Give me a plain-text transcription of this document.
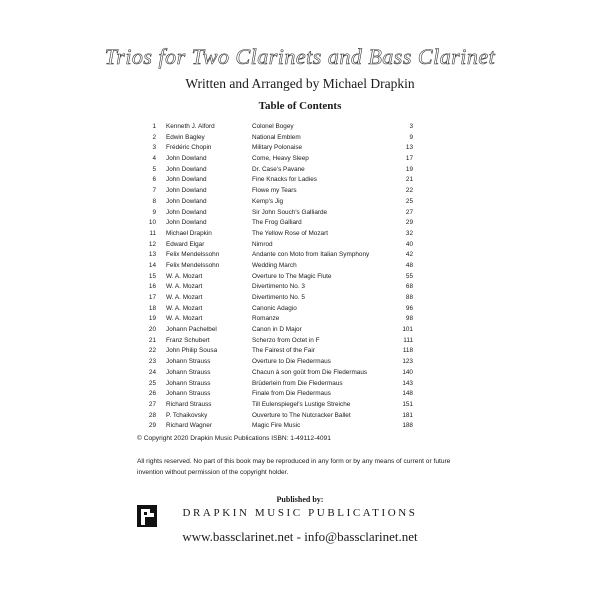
Trios for Two Clarinets and Bass Clarinet
Written and Arranged by Michael Drapkin
Table of Contents
1	Kenneth J. Alford	Colonel Bogey	3
2	Edwin Bagley	National Emblem	9
3	Frédéric Chopin	Military Polonaise	13
4	John Dowland	Come, Heavy Sleep	17
5	John Dowland	Dr. Case's Pavane	19
6	John Dowland	Fine Knacks for Ladies	21
7	John Dowland	Flowe my Tears	22
8	John Dowland	Kemp's Jig	25
9	John Dowland	Sir John Souch's Galliarde	27
10	John Dowland	The Frog Galliard	29
11	Michael Drapkin	The Yellow Rose of Mozart	32
12	Edward Elgar	Nimrod	40
13	Felix Mendelssohn	Andante con Moto from Italian Symphony	42
14	Felix Mendelssohn	Wedding March	48
15	W. A. Mozart	Overture to The Magic Flute	55
16	W. A. Mozart	Divertimento No. 3	68
17	W. A. Mozart	Divertimento No. 5	88
18	W. A. Mozart	Canonic Adagio	96
19	W. A. Mozart	Romanze	98
20	Johann Pachelbel	Canon in D Major	101
21	Franz Schubert	Scherzo from Octet in F	111
22	John Philip Sousa	The Fairest of the Fair	118
23	Johann Strauss	Overture to Die Fledermaus	123
24	Johann Strauss	Chacun à son goût from Die Fledermaus	140
25	Johann Strauss	Brüderlein from Die Fledermaus	143
26	Johann Strauss	Finale from Die Fledermaus	148
27	Richard Strauss	Till Eulenspiegel's Lustige Streiche	151
28	P. Tchaikovsky	Ouverture to The Nutcracker Ballet	181
29	Richard Wagner	Magic Fire Music	188
© Copyright 2020 Drapkin Music Publications ISBN: 1-49112-4091
All rights reserved. No part of this book may be reproduced in any form or by any means of current or future invention without permission of the copyright holder.
Published by:
DRAPKIN MUSIC PUBLICATIONS
www.bassclarinet.net - info@bassclarinet.net
